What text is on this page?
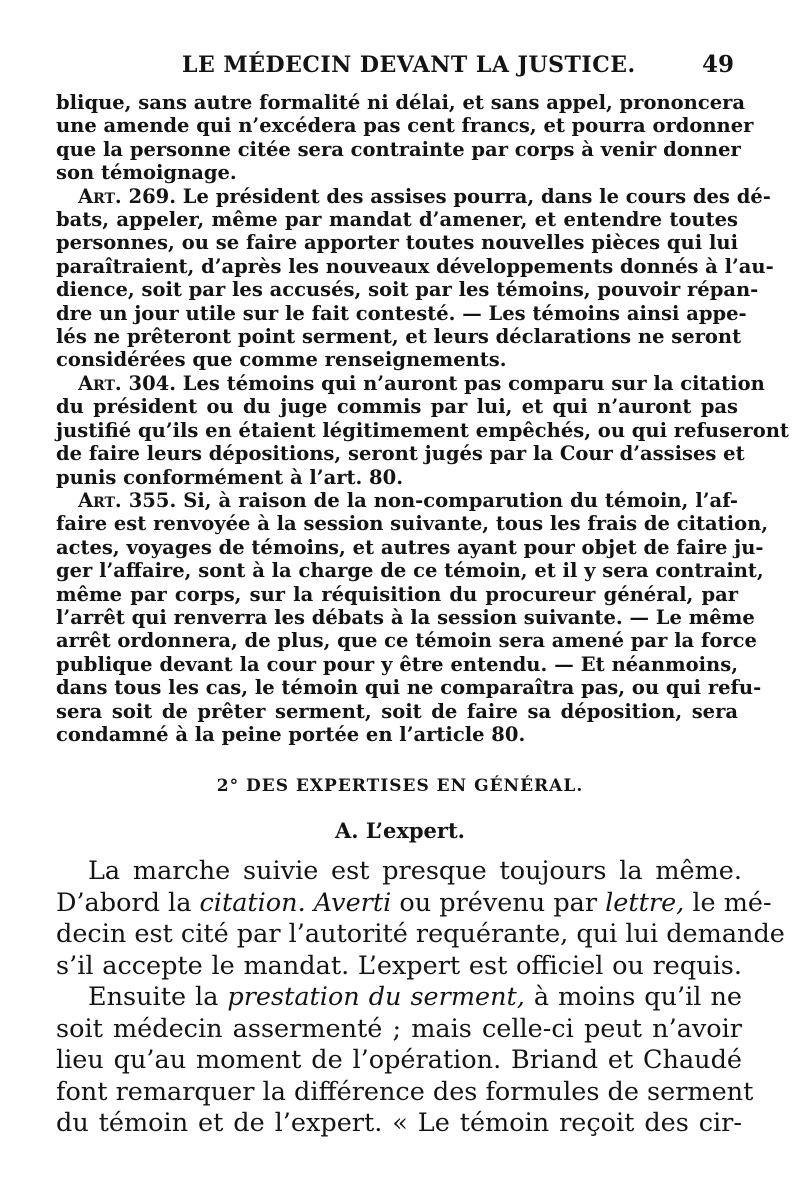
LE MÉDECIN DEVANT LA JUSTICE.	49
blique, sans autre formalité ni délai, et sans appel, prononcera
une amende qui n’excédera pas cent francs, et pourra ordonner
que la personne citée sera contrainte par corps à venir donner
son témoignage.
Art. 269. Le président des assises pourra, dans le cours des dé-
bats, appeler, même par mandat d’amener, et entendre toutes
personnes, ou se faire apporter toutes nouvelles pièces qui lui
paraîtraient, d’après les nouveaux développements donnés à l’au-
dience, soit par les accusés, soit par les témoins, pouvoir répan-
dre un jour utile sur le fait contesté. — Les témoins ainsi appe-
lés ne prêteront point serment, et leurs déclarations ne seront
considérées que comme renseignements.
Art. 304. Les témoins qui n’auront pas comparu sur la citation
du président ou du juge commis par lui, et qui n’auront pas
justifié qu’ils en étaient légitimement empêchés, ou qui refuseront
de faire leurs dépositions, seront jugés par la Cour d’assises et
punis conformément à l’art. 80.
Art. 355. Si, à raison de la non-comparution du témoin, l’af-
faire est renvoyée à la session suivante, tous les frais de citation,
actes, voyages de témoins, et autres ayant pour objet de faire ju-
ger l’affaire, sont à la charge de ce témoin, et il y sera contraint,
même par corps, sur la réquisition du procureur général, par
l’arrêt qui renverra les débats à la session suivante. — Le même
arrêt ordonnera, de plus, que ce témoin sera amené par la force
publique devant la cour pour y être entendu. — Et néanmoins,
dans tous les cas, le témoin qui ne comparaîtra pas, ou qui refu-
sera soit de prêter serment, soit de faire sa déposition, sera
condamné à la peine portée en l’article 80.
2° DES EXPERTISES EN GÉNÉRAL.
A. L’expert.
La marche suivie est presque toujours la même.
D’abord la citation. Averti ou prévenu par lettre, le mé-
decin est cité par l’autorité requérante, qui lui demande
s’il accepte le mandat. L’expert est officiel ou requis.
Ensuite la prestation du serment, à moins qu’il ne
soit médecin assermenté ; mais celle-ci peut n’avoir
lieu qu’au moment de l’opération. Briand et Chaudé
font remarquer la différence des formules de serment
du témoin et de l’expert. « Le témoin reçoit des cir-
